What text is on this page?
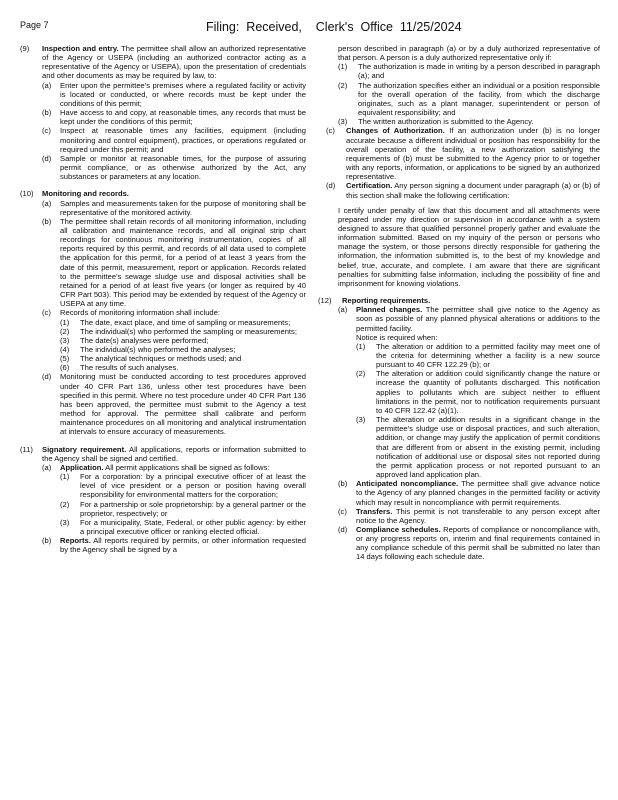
Page 7	Filing:  Received,    Clerk's  Office  11/25/2024
(9)	Inspection and entry. The permittee shall allow an authorized representative of the Agency or USEPA (including an authorized contractor acting as a representative of the Agency or USEPA), upon the presentation of credentials and other documents as may be required by law, to:

(a)	Enter upon the permittee's premises where a regulated facility or activity is located or conducted, or where records must be kept under the conditions of this permit;

(b)	Have access to and copy, at reasonable times, any records that must be kept under the conditions of this permit;

(c)	Inspect at reasonable times any facilities, equipment (including monitoring and control equipment), practices, or operations regulated or required under this permit; and

(d)	Sample or monitor at reasonable times, for the purpose of assuring permit compliance, or as otherwise authorized by the Act, any substances or parameters at any location.

(10)	Monitoring and records.

(a)	Samples and measurements taken for the purpose of monitoring shall be representative of the monitored activity.

(b)	The permittee shall retain records of all monitoring information, including all calibration and maintenance records, and all original strip chart recordings for continuous monitoring instrumentation, copies of all reports required by this permit, and records of all data used to complete the application for this permit, for a period of at least 3 years from the date of this permit, measurement, report or application. Records related to the permittee's sewage sludge use and disposal activities shall be retained for a period of at least five years (or longer as required by 40 CFR Part 503). This period may be extended by request of the Agency or USEPA at any time.

(c)	Records of monitoring information shall include:

(1)	The date, exact place, and time of sampling or measurements;

(2)	The individual(s) who performed the sampling or measurements;

(3)	The date(s) analyses were performed;

(4)	The individual(s) who performed the analyses;

(5)	The analytical techniques or methods used; and

(6)	The results of such analyses.

(d)	Monitoring must be conducted according to test procedures approved under 40 CFR Part 136, unless other test procedures have been specified in this permit. Where no test procedure under 40 CFR Part 136 has been approved, the permittee must submit to the Agency a test method for approval. The permittee shall calibrate and perform maintenance procedures on all monitoring and analytical instrumentation at intervals to ensure accuracy of measurements.

(11)	Signatory requirement. All applications, reports or information submitted to the Agency shall be signed and certified.

(a)	Application. All permit applications shall be signed as follows:

(1)	For a corporation: by a principal executive officer of at least the level of vice president or a person or position having overall responsibility for environmental matters for the corporation;

(2)	For a partnership or sole proprietorship: by a general partner or the proprietor, respectively; or

(3)	For a municipality, State, Federal, or other public agency: by either a principal executive officer or ranking elected official.

(b)	Reports. All reports required by permits, or other information requested by the Agency shall be signed by a

person described in paragraph (a) or by a duly authorized representative of that person. A person is a duly authorized representative only if:

(1)	The authorization is made in writing by a person described in paragraph (a); and

(2)	The authorization specifies either an individual or a position responsible for the overall operation of the facility, from which the discharge originates, such as a plant manager, superintendent or person of equivalent responsibility; and

(3)	The written authorization is submitted to the Agency.

(c)	Changes of Authorization. If an authorization under (b) is no longer accurate because a different individual or position has responsibility for the overall operation of the facility, a new authorization satisfying the requirements of (b) must be submitted to the Agency prior to or together with any reports, information, or applications to be signed by an authorized representative.

(d)	Certification. Any person signing a document under paragraph (a) or (b) of this section shall make the following certification:

I certify under penalty of law that this document and all attachments were prepared under my direction or supervision in accordance with a system designed to assure that qualified personnel properly gather and evaluate the information submitted. Based on my inquiry of the person or persons who manage the system, or those persons directly responsible for gathering the information, the information submitted is, to the best of my knowledge and belief, true, accurate, and complete. I am aware that there are significant penalties for submitting false information, including the possibility of fine and imprisonment for knowing violations.

(12)	Reporting requirements.

(a)	Planned changes. The permittee shall give notice to the Agency as soon as possible of any planned physical alterations or additions to the permitted facility.

Notice is required when:

(1)	The alteration or addition to a permitted facility may meet one of the criteria for determining whether a facility is a new source pursuant to 40 CFR 122.29 (b); or

(2)	The alteration or addition could significantly change the nature or increase the quantity of pollutants discharged. This notification applies to pollutants which are subject neither to effluent limitations in the permit, nor to notification requirements pursuant to 40 CFR 122.42 (a)(1).

(3)	The alteration or addition results in a significant change in the permittee's sludge use or disposal practices, and such alteration, addition, or change may justify the application of permit conditions that are different from or absent in the existing permit, including notification of additional use or disposal sites not reported during the permit application process or not reported pursuant to an approved land application plan.

(b)	Anticipated noncompliance. The permittee shall give advance notice to the Agency of any planned changes in the permitted facility or activity which may result in noncompliance with permit requirements.

(c)	Transfers. This permit is not transferable to any person except after notice to the Agency.

(d)	Compliance schedules. Reports of compliance or noncompliance with, or any progress reports on, interim and final requirements contained in any compliance schedule of this permit shall be submitted no later than 14 days following each schedule date.
